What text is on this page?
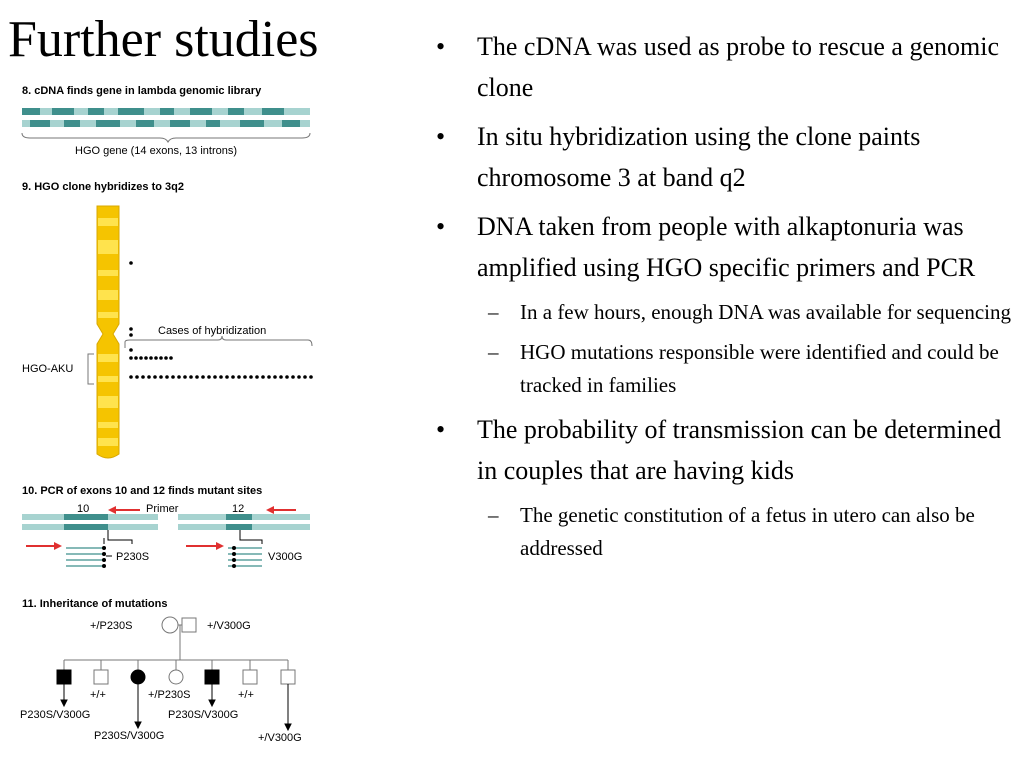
Further studies
8. cDNA finds gene in lambda genomic library
HGO gene (14 exons, 13 introns)
9. HGO clone hybridizes to 3q2
Cases of hybridization
HGO-AKU
10. PCR of exons 10 and 12 finds mutant sites
10	Primer
P230S
12
V300G
11. Inheritance of mutations
+/P230S	+/V300G
P230S/V300G
+/+
P230S/V300G
+/P230S
P230S/V300G
+/+
+/V300G
• The cDNA was used as probe to rescue a genomic clone
• In situ hybridization using the clone paints chromosome 3 at band q2
• DNA taken from people with alkaptonuria was amplified using HGO specific primers and PCR
– In a few hours, enough DNA was available for sequencing
– HGO mutations responsible were identified and could be tracked in families
• The probability of transmission can be determined in couples that are having kids
– The genetic constitution of a fetus in utero can also be addressed
